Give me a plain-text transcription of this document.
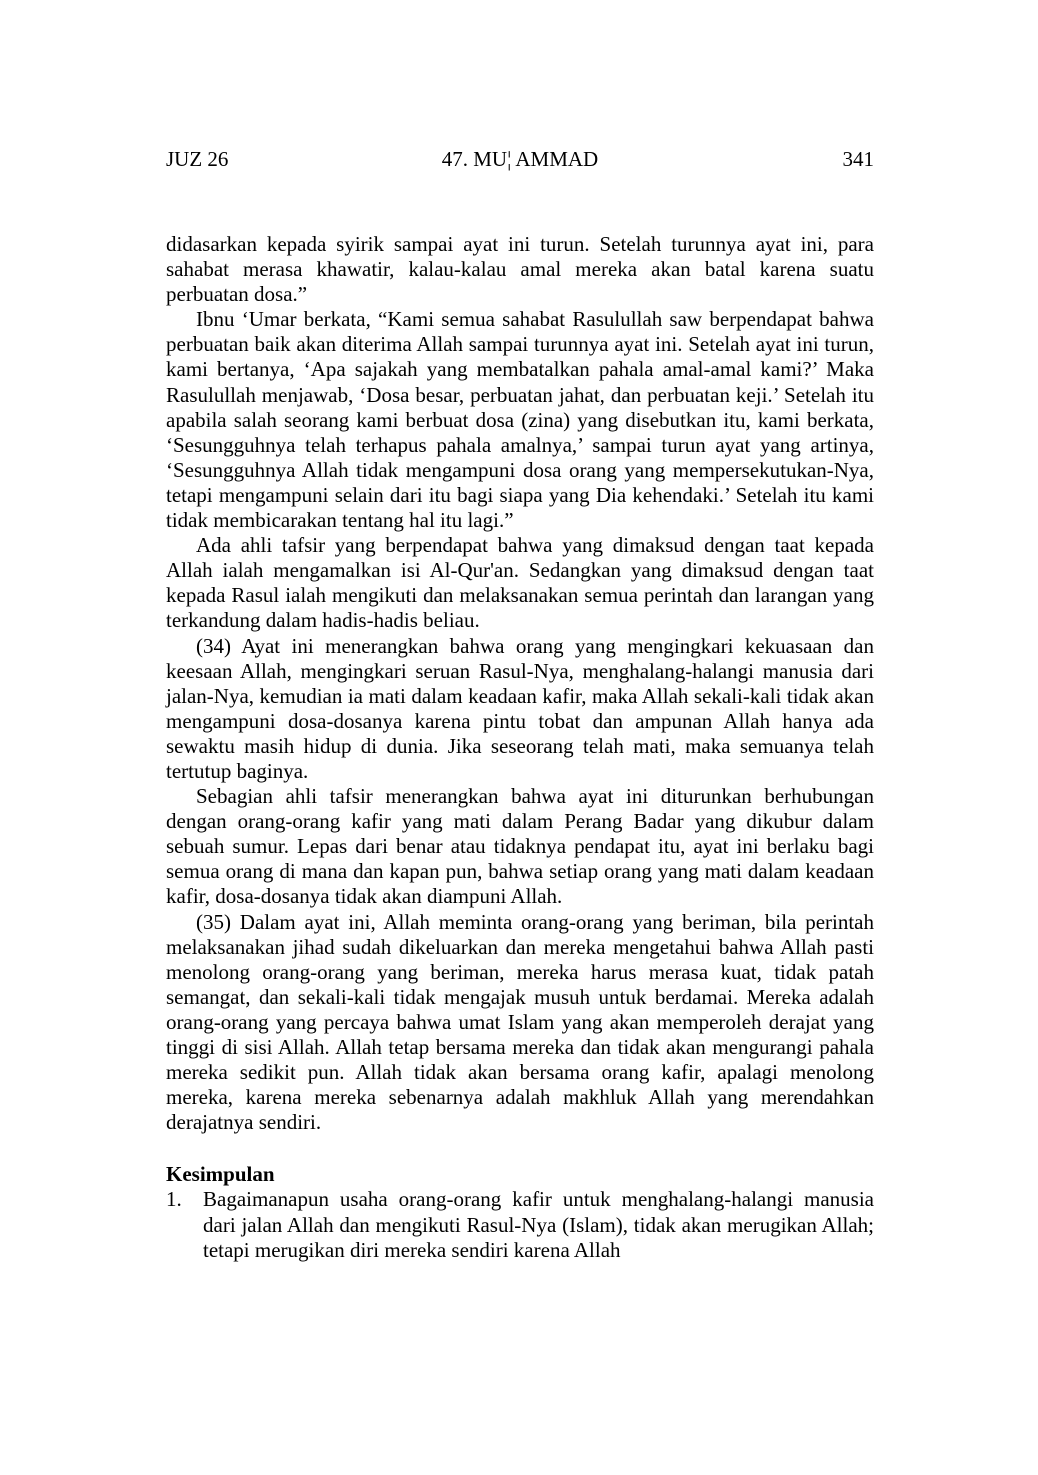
JUZ 26	47. MU¦ AMMAD	341

didasarkan kepada syirik sampai ayat ini turun. Setelah turunnya ayat ini, para sahabat merasa khawatir, kalau-kalau amal mereka akan batal karena suatu perbuatan dosa.”

Ibnu ‘Umar berkata, “Kami semua sahabat Rasulullah saw berpendapat bahwa perbuatan baik akan diterima Allah sampai turunnya ayat ini. Setelah ayat ini turun, kami bertanya, ‘Apa sajakah yang membatalkan pahala amal-amal kami?’ Maka Rasulullah menjawab, ‘Dosa besar, perbuatan jahat, dan perbuatan keji.’ Setelah itu apabila salah seorang kami berbuat dosa (zina) yang disebutkan itu, kami berkata, ‘Sesungguhnya telah terhapus pahala amalnya,’ sampai turun ayat yang artinya, ‘Sesungguhnya Allah tidak mengampuni dosa orang yang mempersekutukan-Nya, tetapi mengampuni selain dari itu bagi siapa yang Dia kehendaki.’ Setelah itu kami tidak membicarakan tentang hal itu lagi.”

Ada ahli tafsir yang berpendapat bahwa yang dimaksud dengan taat kepada Allah ialah mengamalkan isi Al-Qur'an. Sedangkan yang dimaksud dengan taat kepada Rasul ialah mengikuti dan melaksanakan semua perintah dan larangan yang terkandung dalam hadis-hadis beliau.

(34) Ayat ini menerangkan bahwa orang yang mengingkari kekuasaan dan keesaan Allah, mengingkari seruan Rasul-Nya, menghalang-halangi manusia dari jalan-Nya, kemudian ia mati dalam keadaan kafir, maka Allah sekali-kali tidak akan mengampuni dosa-dosanya karena pintu tobat dan ampunan Allah hanya ada sewaktu masih hidup di dunia. Jika seseorang telah mati, maka semuanya telah tertutup baginya.

Sebagian ahli tafsir menerangkan bahwa ayat ini diturunkan berhubungan dengan orang-orang kafir yang mati dalam Perang Badar yang dikubur dalam sebuah sumur. Lepas dari benar atau tidaknya pendapat itu, ayat ini berlaku bagi semua orang di mana dan kapan pun, bahwa setiap orang yang mati dalam keadaan kafir, dosa-dosanya tidak akan diampuni Allah.

(35) Dalam ayat ini, Allah meminta orang-orang yang beriman, bila perintah melaksanakan jihad sudah dikeluarkan dan mereka mengetahui bahwa Allah pasti menolong orang-orang yang beriman, mereka harus merasa kuat, tidak patah semangat, dan sekali-kali tidak mengajak musuh untuk berdamai. Mereka adalah orang-orang yang percaya bahwa umat Islam yang akan memperoleh derajat yang tinggi di sisi Allah. Allah tetap bersama mereka dan tidak akan mengurangi pahala mereka sedikit pun. Allah tidak akan bersama orang kafir, apalagi menolong mereka, karena mereka sebenarnya adalah makhluk Allah yang merendahkan derajatnya sendiri.

Kesimpulan
1. Bagaimanapun usaha orang-orang kafir untuk menghalang-halangi manusia dari jalan Allah dan mengikuti Rasul-Nya (Islam), tidak akan merugikan Allah; tetapi merugikan diri mereka sendiri karena Allah
